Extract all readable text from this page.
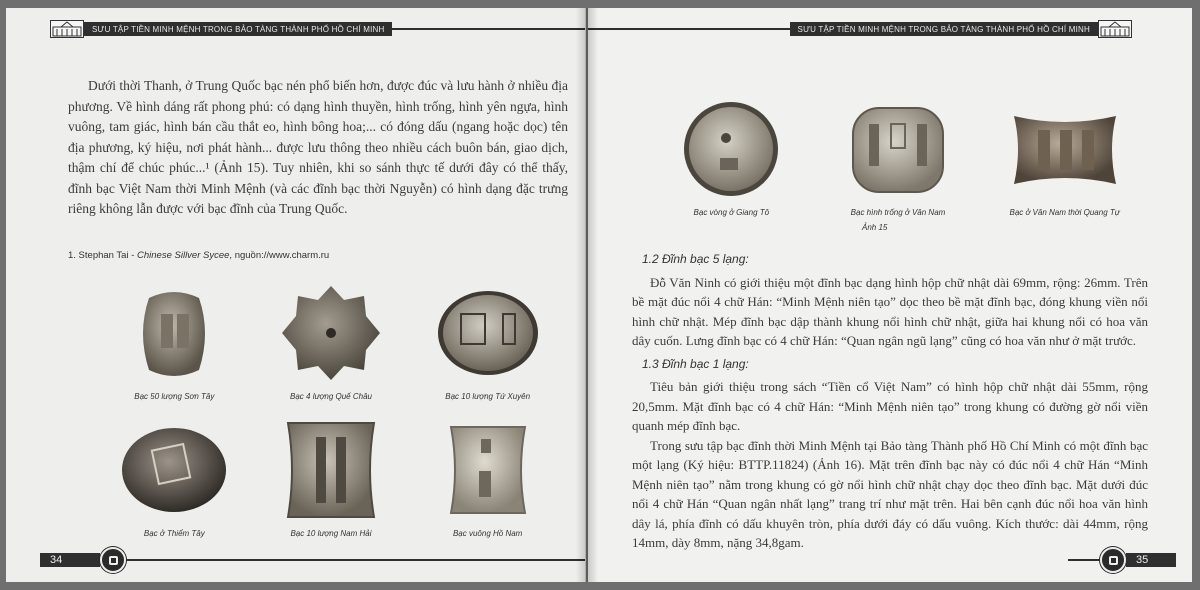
SƯU TẬP TIỀN MINH MỆNH TRONG BẢO TÀNG THÀNH PHỐ HỒ CHÍ MINH

Dưới thời Thanh, ở Trung Quốc bạc nén phổ biến hơn, được đúc và lưu hành ở nhiều địa phương. Về hình dáng rất phong phú: có dạng hình thuyền, hình trống, hình yên ngựa, hình vuông, tam giác, hình bán cầu thắt eo, hình bông hoa;... có đóng dấu (ngang hoặc dọc) tên địa phương, ký hiệu, nơi phát hành... được lưu thông theo nhiều cách buôn bán, giao dịch, thậm chí để chúc phúc...¹ (Ảnh 15). Tuy nhiên, khi so sánh thực tế dưới đây có thể thấy, đĩnh bạc Việt Nam thời Minh Mệnh (và các đĩnh bạc thời Nguyễn) có hình dạng đặc trưng riêng không lẫn được với bạc đĩnh của Trung Quốc.

1. Stephan Tai - Chinese Sillver Sycee, nguồn://www.charm.ru
Bạc 50 lượng Sơn Tây	Bạc 4 lượng Quế Châu	Bạc 10 lượng Tứ Xuyên
Bạc ở Thiểm Tây	Bạc 10 lượng Nam Hải	Bạc vuông Hồ Nam
34
SƯU TẬP TIỀN MINH MỆNH TRONG BẢO TÀNG THÀNH PHỐ HỒ CHÍ MINH
Bạc vòng ở Giang Tô	Bạc hình trống ở Vân Nam	Bạc ở Vân Nam thời Quang Tự
Ảnh 15
1.2 Đĩnh bạc 5 lạng:

Đỗ Văn Ninh có giới thiệu một đĩnh bạc dạng hình hộp chữ nhật dài 69mm, rộng: 26mm. Trên bề mặt đúc nổi 4 chữ Hán: “Minh Mệnh niên tạo” dọc theo bề mặt đĩnh bạc, đóng khung viền nổi hình chữ nhật. Mép đĩnh bạc dập thành khung nổi hình chữ nhật, giữa hai khung nổi có hoa văn dây cuốn. Lưng đĩnh bạc có 4 chữ Hán: “Quan ngân ngũ lạng” cũng có hoa văn như ở mặt trước.

1.3 Đĩnh bạc 1 lạng:

Tiêu bản giới thiệu trong sách “Tiền cổ Việt Nam” có hình hộp chữ nhật dài 55mm, rộng 20,5mm. Mặt đĩnh bạc có 4 chữ Hán: “Minh Mệnh niên tạo” trong khung có đường gờ nổi viền quanh mép đĩnh bạc.

Trong sưu tập bạc đĩnh thời Minh Mệnh tại Bảo tàng Thành phố Hồ Chí Minh có một đĩnh bạc một lạng (Ký hiệu: BTTP.11824) (Ảnh 16). Mặt trên đĩnh bạc này có đúc nổi 4 chữ Hán “Minh Mệnh niên tạo” nằm trong khung có gờ nổi hình chữ nhật chạy dọc theo đĩnh bạc. Mặt dưới đúc nổi 4 chữ Hán “Quan ngân nhất lạng” trang trí như mặt trên. Hai bên cạnh đúc nổi hoa văn hình dây lá, phía đĩnh có dấu khuyên tròn, phía dưới đáy có dấu vuông. Kích thước: dài 44mm, rộng 14mm, dày 8mm, nặng 34,8gam.

35
